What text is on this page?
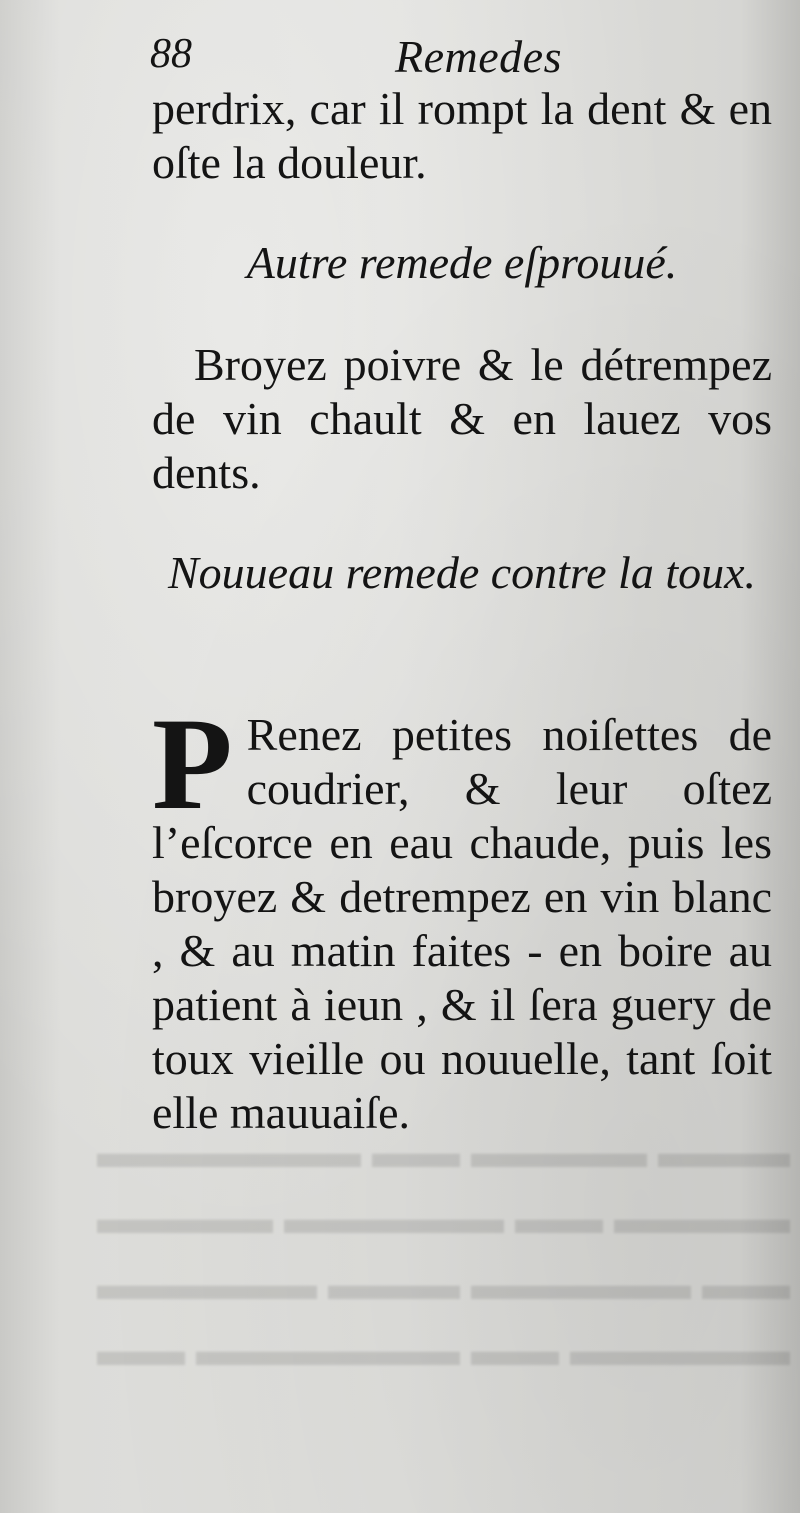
▬▬▬ ▬▬▬▬ ▬▬ ▬▬▬▬▬▬
▬▬▬▬ ▬▬ ▬▬▬▬▬ ▬▬▬▬
▬▬ ▬▬▬▬▬ ▬▬▬ ▬▬▬▬▬
▬▬▬▬▬ ▬▬ ▬▬▬▬▬▬ ▬▬
88	Remedes
perdrix, car il rompt la dent & en oſte la douleur.
Autre remede eſprouué.
Broyez poivre & le détrempez de vin chault & en lauez vos dents.
Nouueau remede contre la toux.
P Renez petites noiſettes de coudrier, & leur oſtez l’eſcorce en eau chaude, puis les broyez & detrempez en vin blanc , & au matin faites - en boire au patient à ieun , & il ſera guery de toux vieille ou nouuelle, tant ſoit elle mauuaiſe.
